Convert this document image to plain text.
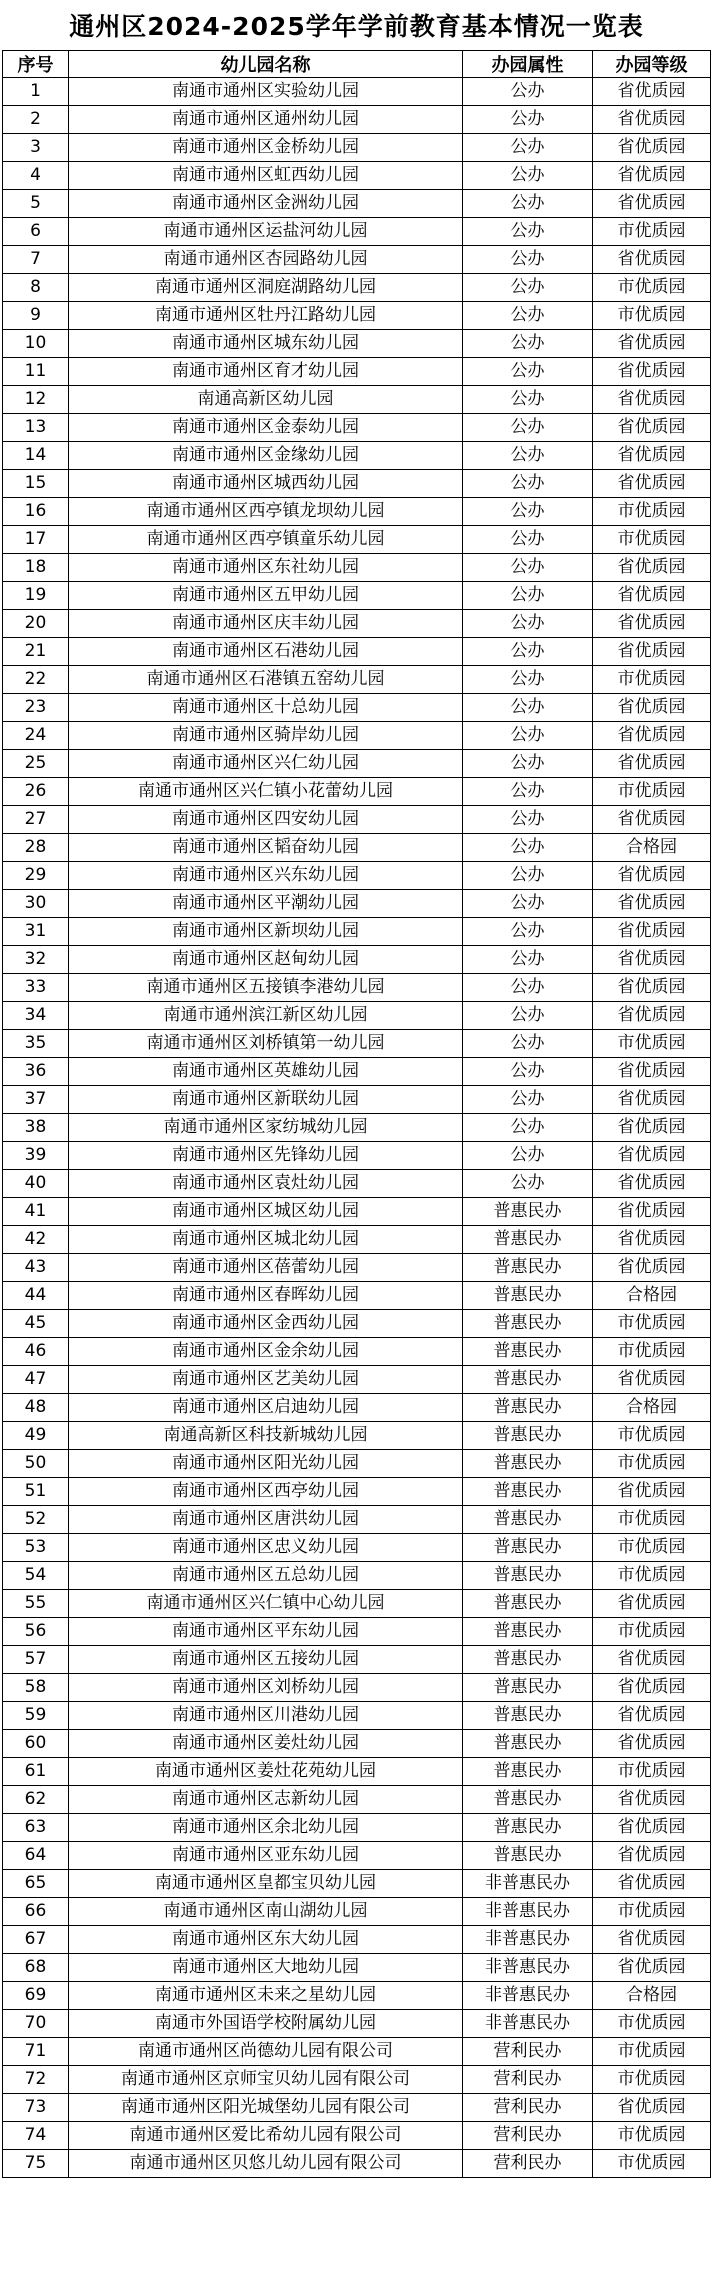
通州区2024-2025学年学前教育基本情况一览表
序号	幼儿园名称	办园属性	办园等级
1	南通市通州区实验幼儿园	公办	省优质园
2	南通市通州区通州幼儿园	公办	省优质园
3	南通市通州区金桥幼儿园	公办	省优质园
4	南通市通州区虹西幼儿园	公办	省优质园
5	南通市通州区金洲幼儿园	公办	省优质园
6	南通市通州区运盐河幼儿园	公办	市优质园
7	南通市通州区杏园路幼儿园	公办	省优质园
8	南通市通州区洞庭湖路幼儿园	公办	市优质园
9	南通市通州区牡丹江路幼儿园	公办	市优质园
10	南通市通州区城东幼儿园	公办	省优质园
11	南通市通州区育才幼儿园	公办	省优质园
12	南通高新区幼儿园	公办	省优质园
13	南通市通州区金泰幼儿园	公办	省优质园
14	南通市通州区金缘幼儿园	公办	省优质园
15	南通市通州区城西幼儿园	公办	省优质园
16	南通市通州区西亭镇龙坝幼儿园	公办	市优质园
17	南通市通州区西亭镇童乐幼儿园	公办	市优质园
18	南通市通州区东社幼儿园	公办	省优质园
19	南通市通州区五甲幼儿园	公办	省优质园
20	南通市通州区庆丰幼儿园	公办	省优质园
21	南通市通州区石港幼儿园	公办	省优质园
22	南通市通州区石港镇五窑幼儿园	公办	市优质园
23	南通市通州区十总幼儿园	公办	省优质园
24	南通市通州区骑岸幼儿园	公办	省优质园
25	南通市通州区兴仁幼儿园	公办	省优质园
26	南通市通州区兴仁镇小花蕾幼儿园	公办	市优质园
27	南通市通州区四安幼儿园	公办	省优质园
28	南通市通州区韬奋幼儿园	公办	合格园
29	南通市通州区兴东幼儿园	公办	省优质园
30	南通市通州区平潮幼儿园	公办	省优质园
31	南通市通州区新坝幼儿园	公办	省优质园
32	南通市通州区赵甸幼儿园	公办	省优质园
33	南通市通州区五接镇李港幼儿园	公办	省优质园
34	南通市通州滨江新区幼儿园	公办	省优质园
35	南通市通州区刘桥镇第一幼儿园	公办	市优质园
36	南通市通州区英雄幼儿园	公办	省优质园
37	南通市通州区新联幼儿园	公办	省优质园
38	南通市通州区家纺城幼儿园	公办	省优质园
39	南通市通州区先锋幼儿园	公办	省优质园
40	南通市通州区袁灶幼儿园	公办	省优质园
41	南通市通州区城区幼儿园	普惠民办	省优质园
42	南通市通州区城北幼儿园	普惠民办	省优质园
43	南通市通州区蓓蕾幼儿园	普惠民办	省优质园
44	南通市通州区春晖幼儿园	普惠民办	合格园
45	南通市通州区金西幼儿园	普惠民办	市优质园
46	南通市通州区金余幼儿园	普惠民办	市优质园
47	南通市通州区艺美幼儿园	普惠民办	省优质园
48	南通市通州区启迪幼儿园	普惠民办	合格园
49	南通高新区科技新城幼儿园	普惠民办	市优质园
50	南通市通州区阳光幼儿园	普惠民办	市优质园
51	南通市通州区西亭幼儿园	普惠民办	省优质园
52	南通市通州区唐洪幼儿园	普惠民办	市优质园
53	南通市通州区忠义幼儿园	普惠民办	市优质园
54	南通市通州区五总幼儿园	普惠民办	市优质园
55	南通市通州区兴仁镇中心幼儿园	普惠民办	省优质园
56	南通市通州区平东幼儿园	普惠民办	市优质园
57	南通市通州区五接幼儿园	普惠民办	省优质园
58	南通市通州区刘桥幼儿园	普惠民办	省优质园
59	南通市通州区川港幼儿园	普惠民办	省优质园
60	南通市通州区姜灶幼儿园	普惠民办	省优质园
61	南通市通州区姜灶花苑幼儿园	普惠民办	市优质园
62	南通市通州区志新幼儿园	普惠民办	省优质园
63	南通市通州区余北幼儿园	普惠民办	省优质园
64	南通市通州区亚东幼儿园	普惠民办	省优质园
65	南通市通州区皇都宝贝幼儿园	非普惠民办	省优质园
66	南通市通州区南山湖幼儿园	非普惠民办	市优质园
67	南通市通州区东大幼儿园	非普惠民办	省优质园
68	南通市通州区大地幼儿园	非普惠民办	省优质园
69	南通市通州区未来之星幼儿园	非普惠民办	合格园
70	南通市外国语学校附属幼儿园	非普惠民办	市优质园
71	南通市通州区尚德幼儿园有限公司	营利民办	市优质园
72	南通市通州区京师宝贝幼儿园有限公司	营利民办	市优质园
73	南通市通州区阳光城堡幼儿园有限公司	营利民办	省优质园
74	南通市通州区爱比希幼儿园有限公司	营利民办	市优质园
75	南通市通州区贝悠儿幼儿园有限公司	营利民办	市优质园
